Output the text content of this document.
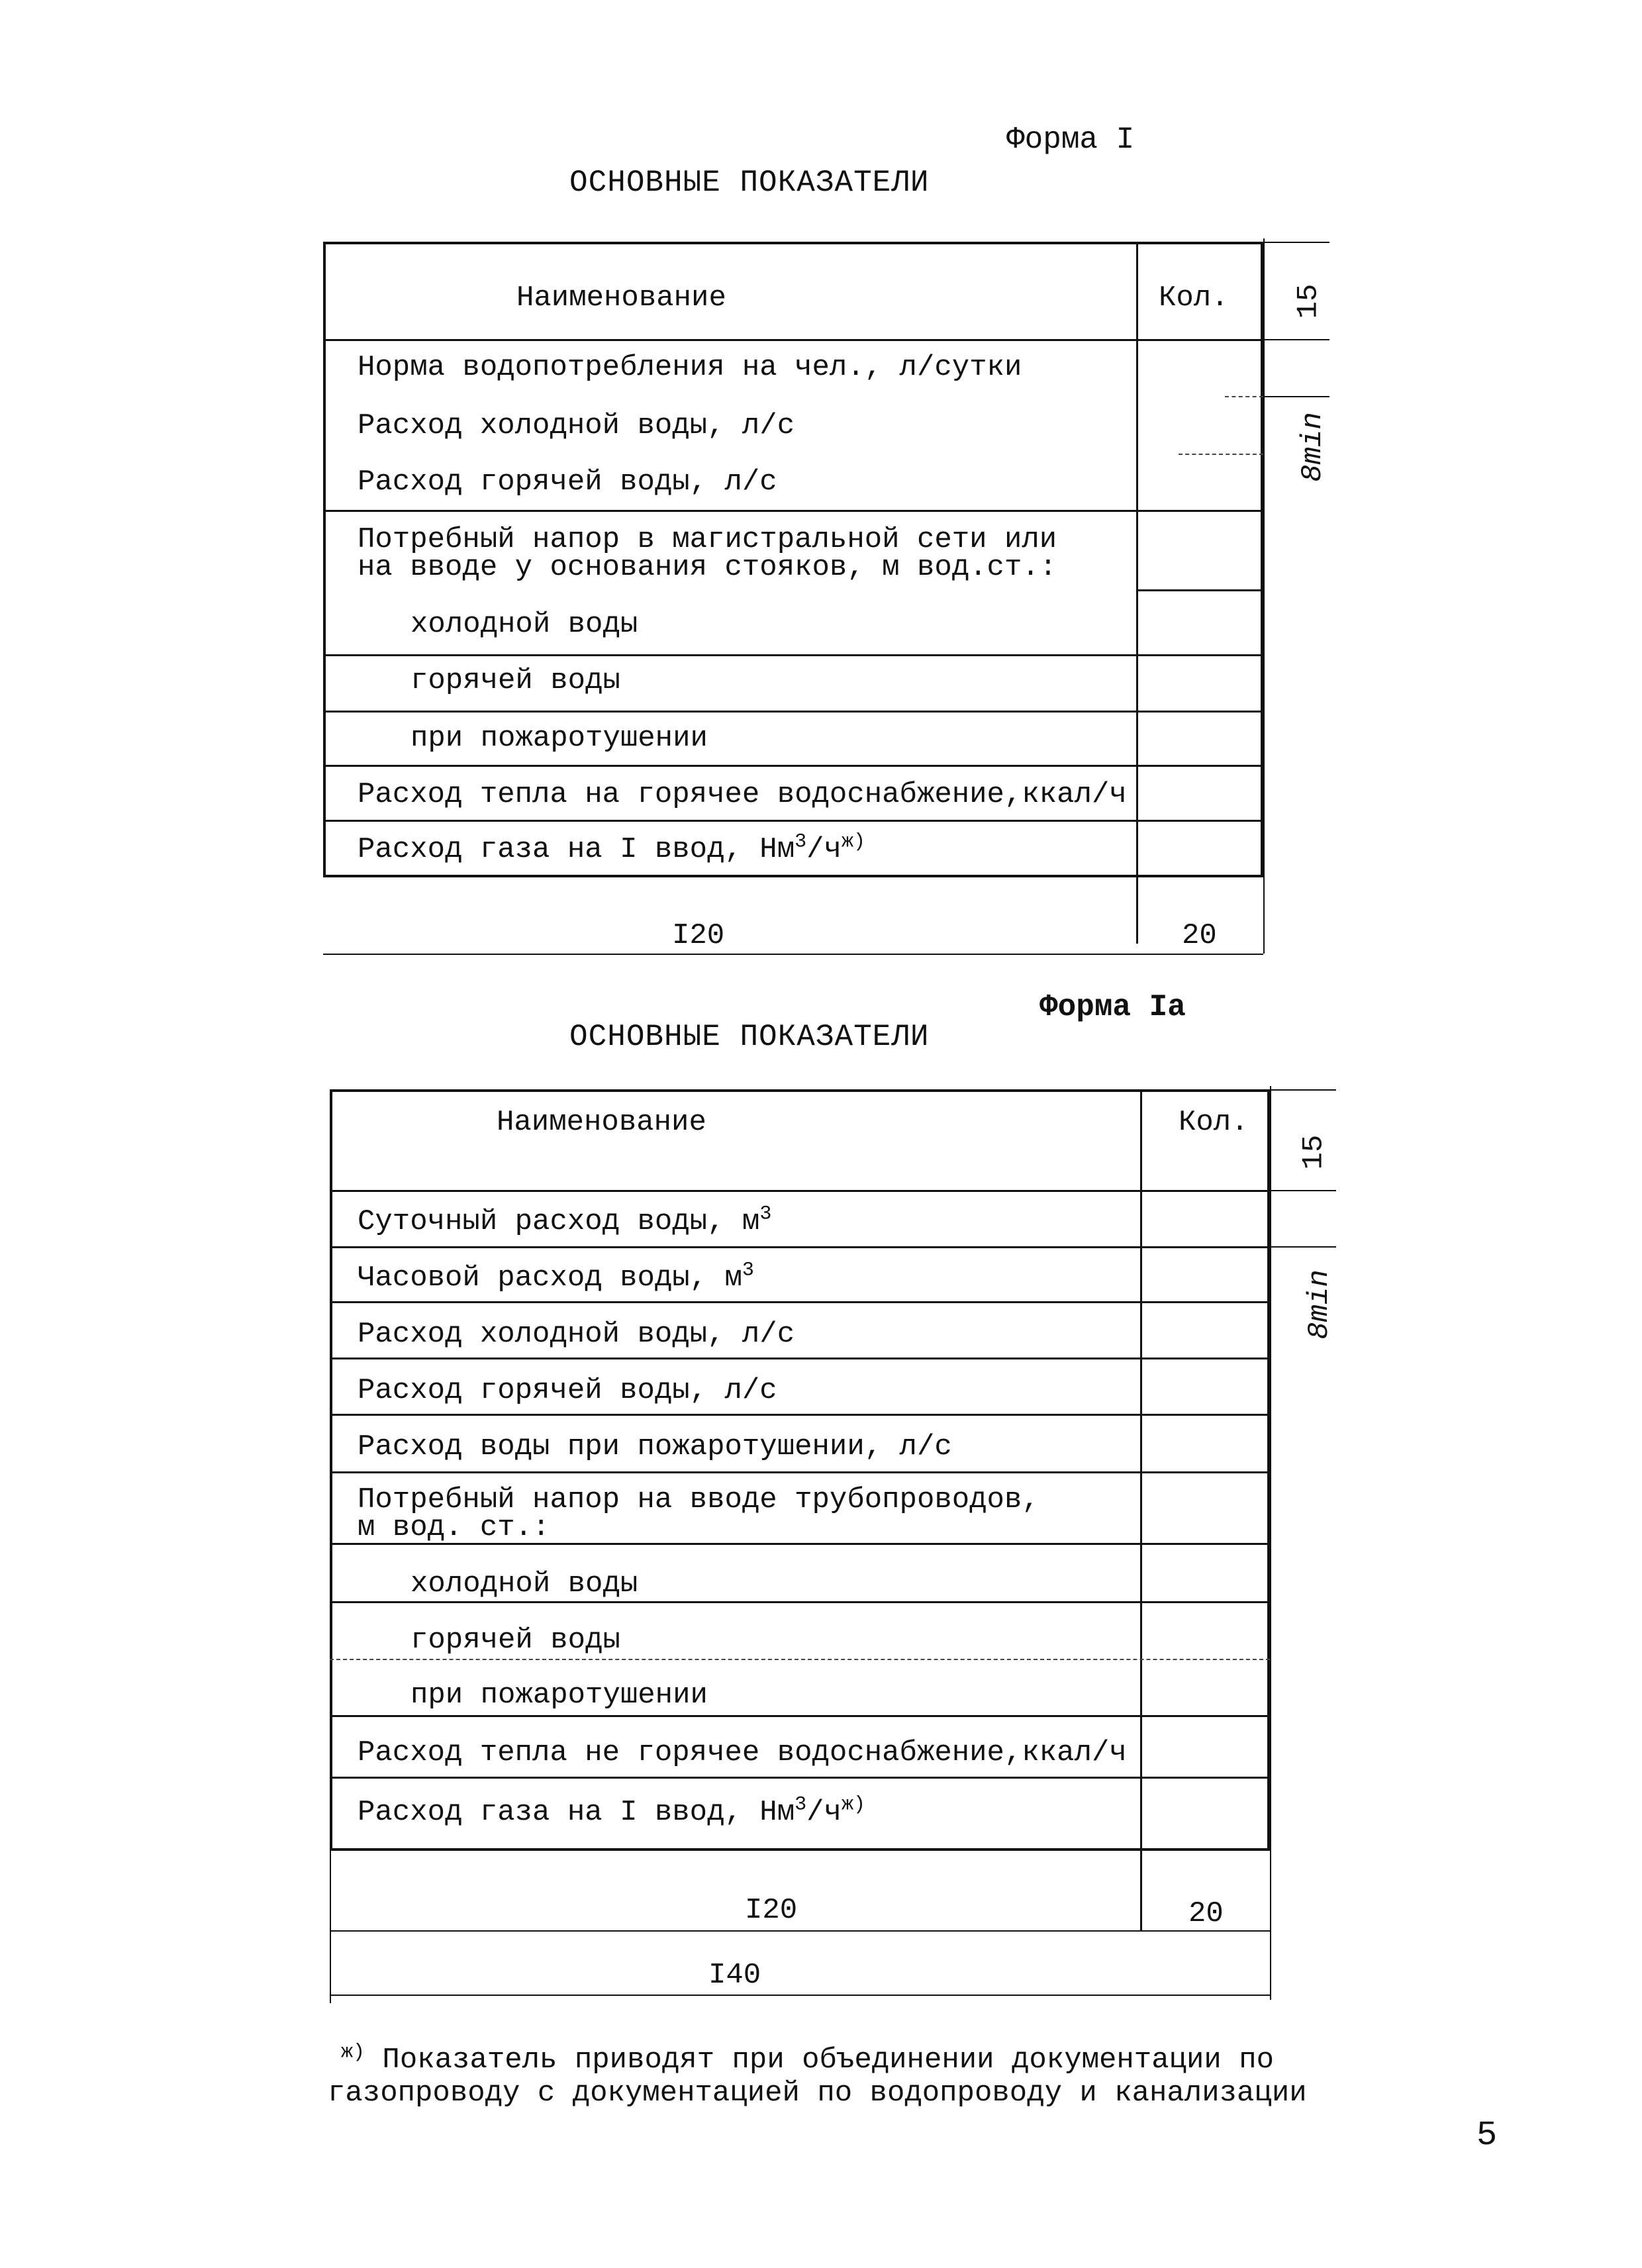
Форма I
ОСНОВНЫЕ ПОКАЗАТЕЛИ
Наименование	Кол.
Норма водопотребления на чел., л/сутки
Расход холодной воды, л/с
Расход горячей воды, л/с
Потребный напор в магистральной сети или
на вводе у основания стояков, м вод.ст.:
холодной воды
горячей воды
при пожаротушении
Расход тепла на горячее водоснабжение,ккал/ч
Расход газа на I ввод, $Нм^3/ч^{ж)}$
15
8min
I20	20
Форма Iа
ОСНОВНЫЕ ПОКАЗАТЕЛИ
Наименование	Кол.
Суточный расход воды, $м^3$
Часовой расход воды, $м^3$
Расход холодной воды, л/с
Расход горячей воды, л/с
Расход воды при пожаротушении, л/с
Потребный напор на вводе трубопроводов,
м вод. ст.:
холодной воды
горячей воды
при пожаротушении
Расход тепла не горячее водоснабжение,ккал/ч
Расход газа на I ввод, $Нм^3/ч^{ж)}$
15
8min
I20	20
I40
$^{ж)}$ Показатель приводят при объединении документации по
газопроводу с документацией по водопроводу и канализации
5
